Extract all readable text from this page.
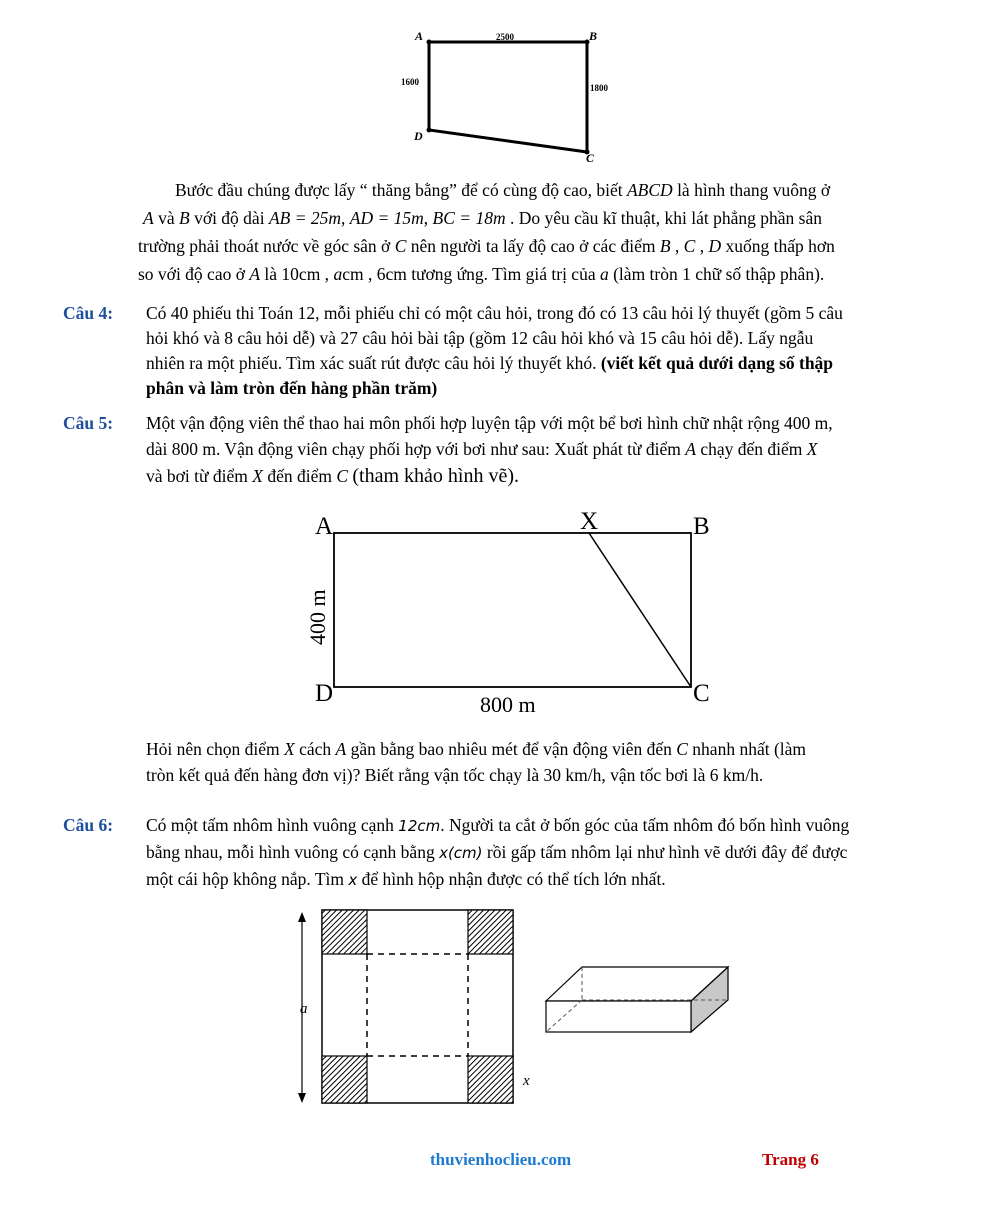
A	B
C
D
2500
1600
1800
Bước đầu chúng được lấy “ thăng bằng” để có cùng độ cao, biết ABCD là hình thang vuông ở
A và B với độ dài AB = 25m, AD = 15m, BC = 18m . Do yêu cầu kĩ thuật, khi lát phẳng phần sân
trường phải thoát nước về góc sân ở C nên người ta lấy độ cao ở các điểm B , C , D xuống thấp hơn
so với độ cao ở A là 10cm , acm , 6cm tương ứng. Tìm giá trị của a (làm tròn 1 chữ số thập phân).
Câu 4: Có 40 phiếu thi Toán 12, mỗi phiếu chỉ có một câu hỏi, trong đó có 13 câu hỏi lý thuyết (gồm 5 câu
hỏi khó và 8 câu hỏi dễ) và 27 câu hỏi bài tập (gồm 12 câu hỏi khó và 15 câu hỏi dễ). Lấy ngẫu
nhiên ra một phiếu. Tìm xác suất rút được câu hỏi lý thuyết khó. (viết kết quả dưới dạng số thập
phân và làm tròn đến hàng phần trăm)
Câu 5: Một vận động viên thể thao hai môn phối hợp luyện tập với một bể bơi hình chữ nhật rộng 400 m,
dài 800 m. Vận động viên chạy phối hợp với bơi như sau: Xuất phát từ điểm A chạy đến điểm X
và bơi từ điểm X đến điểm C (tham khảo hình vẽ).
A	X	B
D	C
800 m
400 m
Hỏi nên chọn điểm X cách A gần bằng bao nhiêu mét để vận động viên đến C nhanh nhất (làm
tròn kết quả đến hàng đơn vị)? Biết rằng vận tốc chạy là 30 km/h, vận tốc bơi là 6 km/h.
Câu 6: Có một tấm nhôm hình vuông cạnh 12cm. Người ta cắt ở bốn góc của tấm nhôm đó bốn hình vuông
bằng nhau, mỗi hình vuông có cạnh bằng x(cm) rồi gấp tấm nhôm lại như hình vẽ dưới đây để được
một cái hộp không nắp. Tìm x để hình hộp nhận được có thể tích lớn nhất.
a
x
thuvienhoclieu.com	Trang 6
